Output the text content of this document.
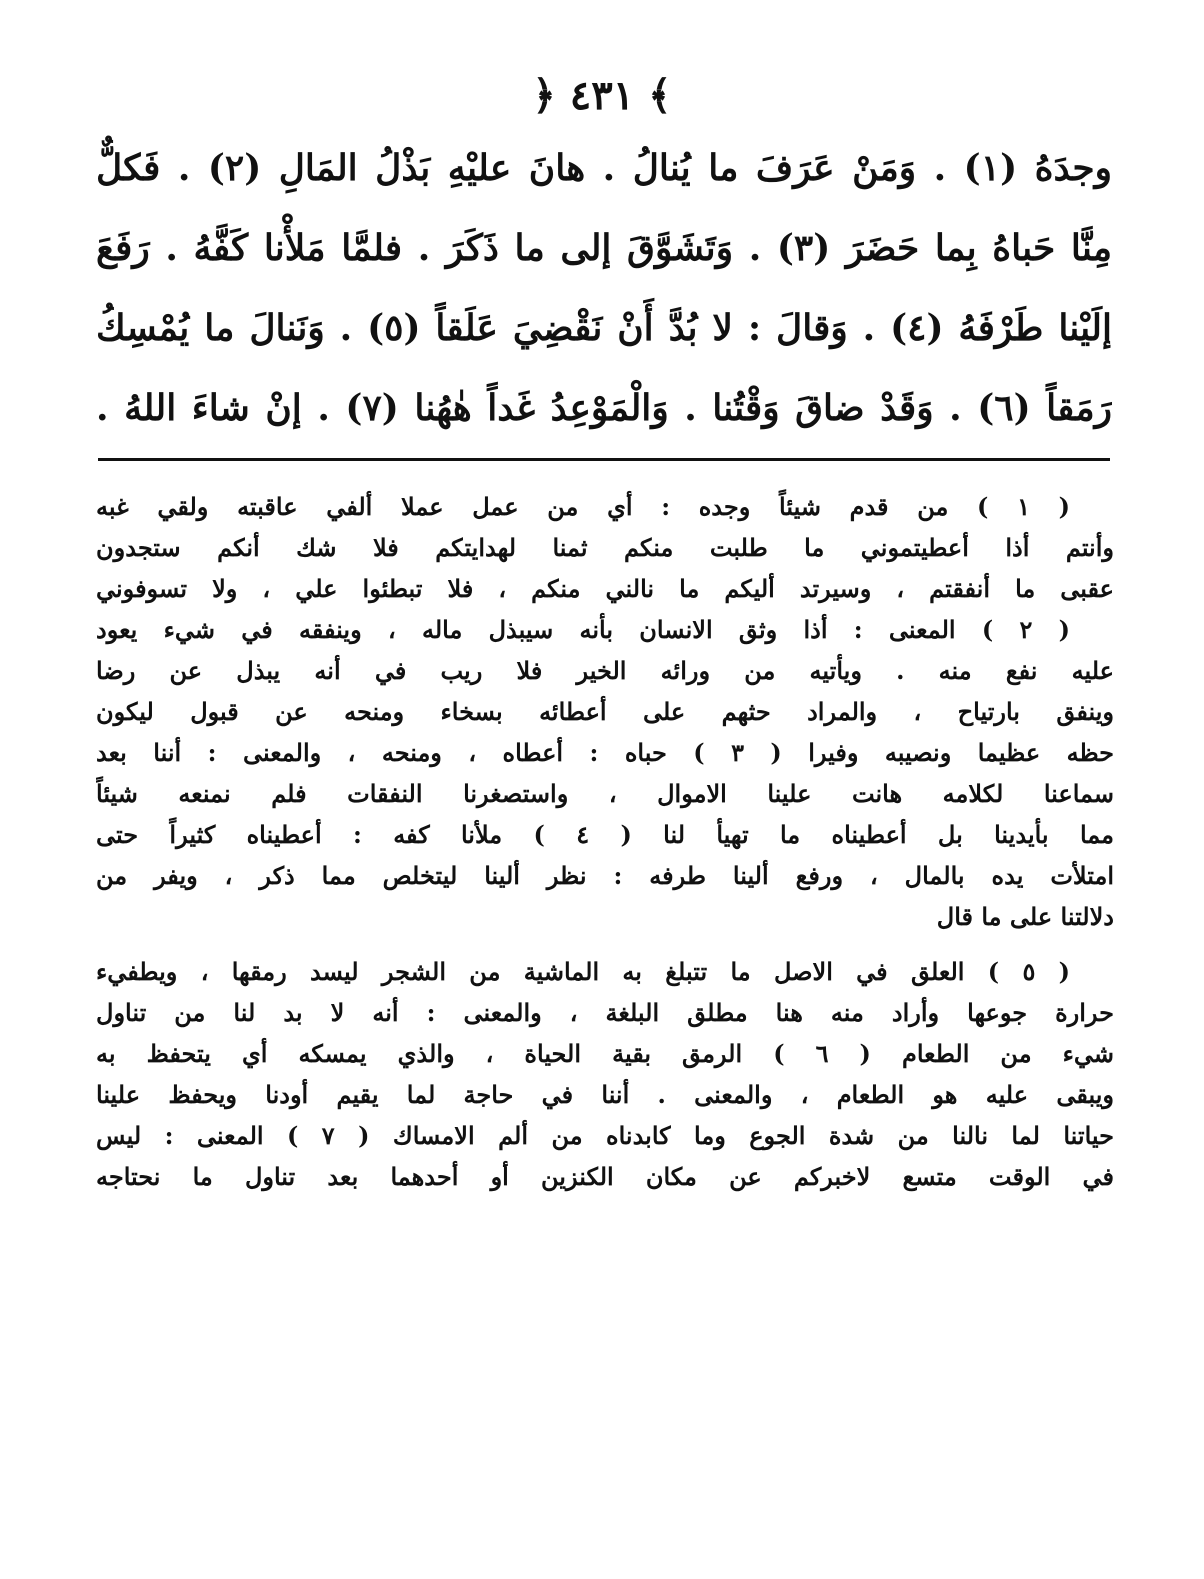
﴿ ٤٣١ ﴾
وجدَهُ (١) . وَمَنْ عَرَفَ ما يُنالُ . هانَ عليْهِ بَذْلُ المَالِ (٢) . فَكلٌّ
مِنَّا حَباهُ بِما حَضَرَ (٣) . وَتَشَوَّقَ إلى ما ذَكَرَ . فلمَّا مَلأْنا كَفَّهُ . رَفَعَ
إلَيْنا طَرْفَهُ (٤) . وَقالَ : لا بُدَّ أَنْ نَقْضِيَ عَلَقاً (٥) . وَنَنالَ ما يُمْسِكُ
رَمَقاً (٦) . وَقَدْ ضاقَ وَقْتُنا . وَالْمَوْعِدُ غَداً هٰهُنا (٧) . إنْ شاءَ اللهُ .
( ١ ) من قدم شيئاً وجده : أي من عمل عملا ألفي عاقبته ولقي غبه
وأنتم أذا أعطيتموني ما طلبت منكم ثمنا لهدايتكم فلا شك أنكم ستجدون
عقبى ما أنفقتم ، وسيرتد أليكم ما نالني منكم ، فلا تبطئوا علي ، ولا تسوفوني
( ٢ ) المعنى : أذا وثق الانسان بأنه سيبذل ماله ، وينفقه في شيء يعود
عليه نفع منه . ويأتيه من ورائه الخير فلا ريب في أنه يبذل عن رضا
وينفق بارتياح ، والمراد حثهم على أعطائه بسخاء ومنحه عن قبول ليكون
حظه عظيما ونصيبه وفيرا ( ٣ ) حباه : أعطاه ، ومنحه ، والمعنى : أننا بعد
سماعنا لكلامه هانت علينا الاموال ، واستصغرنا النفقات فلم نمنعه شيئاً
مما بأيدينا بل أعطيناه ما تهيأ لنا ( ٤ ) ملأنا كفه : أعطيناه كثيراً حتى
امتلأت يده بالمال ، ورفع ألينا طرفه : نظر ألينا ليتخلص مما ذكر ، ويفر من
دلالتنا على ما قال
( ٥ ) العلق في الاصل ما تتبلغ به الماشية من الشجر ليسد رمقها ، ويطفيء
حرارة جوعها وأراد منه هنا مطلق البلغة ، والمعنى : أنه لا بد لنا من تناول
شيء من الطعام ( ٦ ) الرمق بقية الحياة ، والذي يمسكه أي يتحفظ به
ويبقى عليه هو الطعام ، والمعنى . أننا في حاجة لما يقيم أودنا ويحفظ علينا
حياتنا لما نالنا من شدة الجوع وما كابدناه من ألم الامساك ( ٧ ) المعنى : ليس
في الوقت متسع لاخبركم عن مكان الكنزين أو أحدهما بعد تناول ما نحتاجه
